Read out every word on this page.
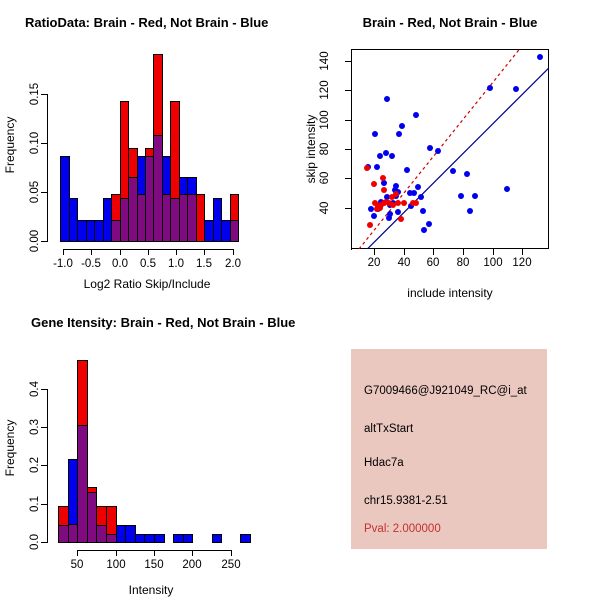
RatioData: Brain - Red, Not Brain - Blue
Log2 Ratio Skip/Include
Frequency
-1.0 -0.5 0.0	0.5	1.0	1.5	2.0
0.00
0.05
0.10
0.15
Brain - Red, Not Brain - Blue
include intensity
skip intensity
20	40	60	80	100 120
40
60
80
100
120
140
Gene Itensity: Brain - Red, Not Brain - Blue
Intensity
Frequency
50	100	150	200	250
0.0
0.1
0.2
0.3
0.4	G7009466@J921049_RC@i_at
altTxStart
Hdac7a
chr15.9381-2.51
Pval: 2.000000
